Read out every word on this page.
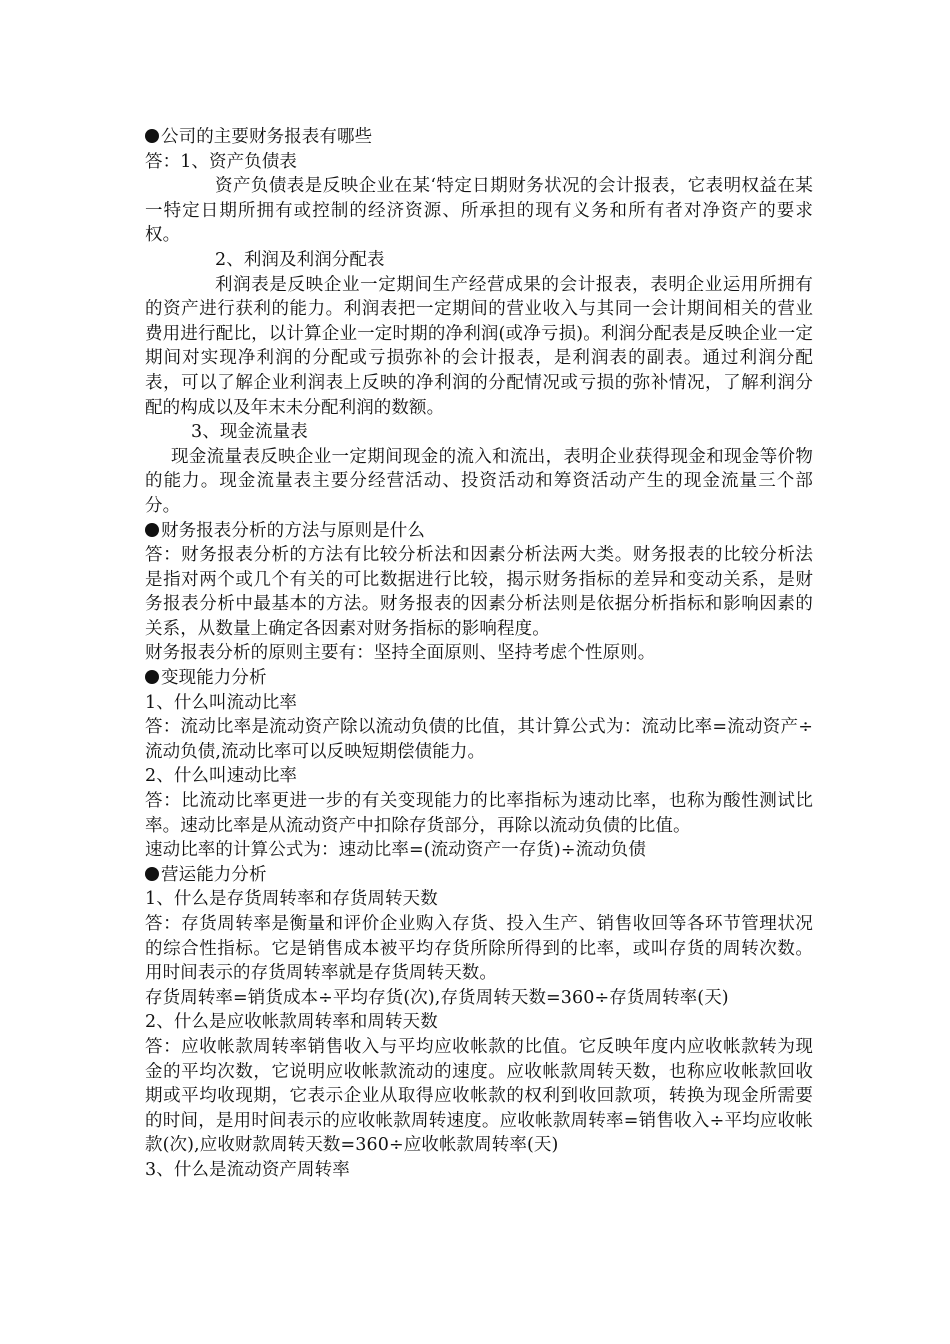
公司的主要财务报表有哪些

答：1、资产负债表

资产负债表是反映企业在某‘特定日期财务状况的会计报表，它表明权益在某一特定日期所拥有或控制的经济资源、所承担的现有义务和所有者对净资产的要求权。

2、利润及利润分配表

利润表是反映企业一定期间生产经营成果的会计报表，表明企业运用所拥有的资产进行获利的能力。利润表把一定期间的营业收入与其同一会计期间相关的营业费用进行配比，以计算企业一定时期的净利润(或净亏损)。利润分配表是反映企业一定期间对实现净利润的分配或亏损弥补的会计报表，是利润表的副表。通过利润分配表，可以了解企业利润表上反映的净利润的分配情况或亏损的弥补情况，了解利润分配的构成以及年末未分配利润的数额。

3、现金流量表

现金流量表反映企业一定期间现金的流入和流出，表明企业获得现金和现金等价物的能力。现金流量表主要分经营活动、投资活动和筹资活动产生的现金流量三个部分。

财务报表分析的方法与原则是什么

答：财务报表分析的方法有比较分析法和因素分析法两大类。财务报表的比较分析法是指对两个或几个有关的可比数据进行比较，揭示财务指标的差异和变动关系，是财务报表分析中最基本的方法。财务报表的因素分析法则是依据分析指标和影响因素的关系，从数量上确定各因素对财务指标的影响程度。

财务报表分析的原则主要有：坚持全面原则、坚持考虑个性原则。

变现能力分析

1、什么叫流动比率

答：流动比率是流动资产除以流动负债的比值，其计算公式为：流动比率=流动资产÷流动负债,流动比率可以反映短期偿债能力。

2、什么叫速动比率

答：比流动比率更进一步的有关变现能力的比率指标为速动比率，也称为酸性测试比率。速动比率是从流动资产中扣除存货部分，再除以流动负债的比值。

速动比率的计算公式为：速动比率=(流动资产一存货)÷流动负债

营运能力分析

1、什么是存货周转率和存货周转天数

答：存货周转率是衡量和评价企业购入存货、投入生产、销售收回等各环节管理状况的综合性指标。它是销售成本被平均存货所除所得到的比率，或叫存货的周转次数。用时间表示的存货周转率就是存货周转天数。

存货周转率=销货成本÷平均存货(次),存货周转天数=360÷存货周转率(天)

2、什么是应收帐款周转率和周转天数

答：应收帐款周转率销售收入与平均应收帐款的比值。它反映年度内应收帐款转为现金的平均次数，它说明应收帐款流动的速度。应收帐款周转天数，也称应收帐款回收期或平均收现期，它表示企业从取得应收帐款的权利到收回款项，转换为现金所需要的时间，是用时间表示的应收帐款周转速度。应收帐款周转率=销售收入÷平均应收帐款(次),应收财款周转天数=360÷应收帐款周转率(天)

3、什么是流动资产周转率
